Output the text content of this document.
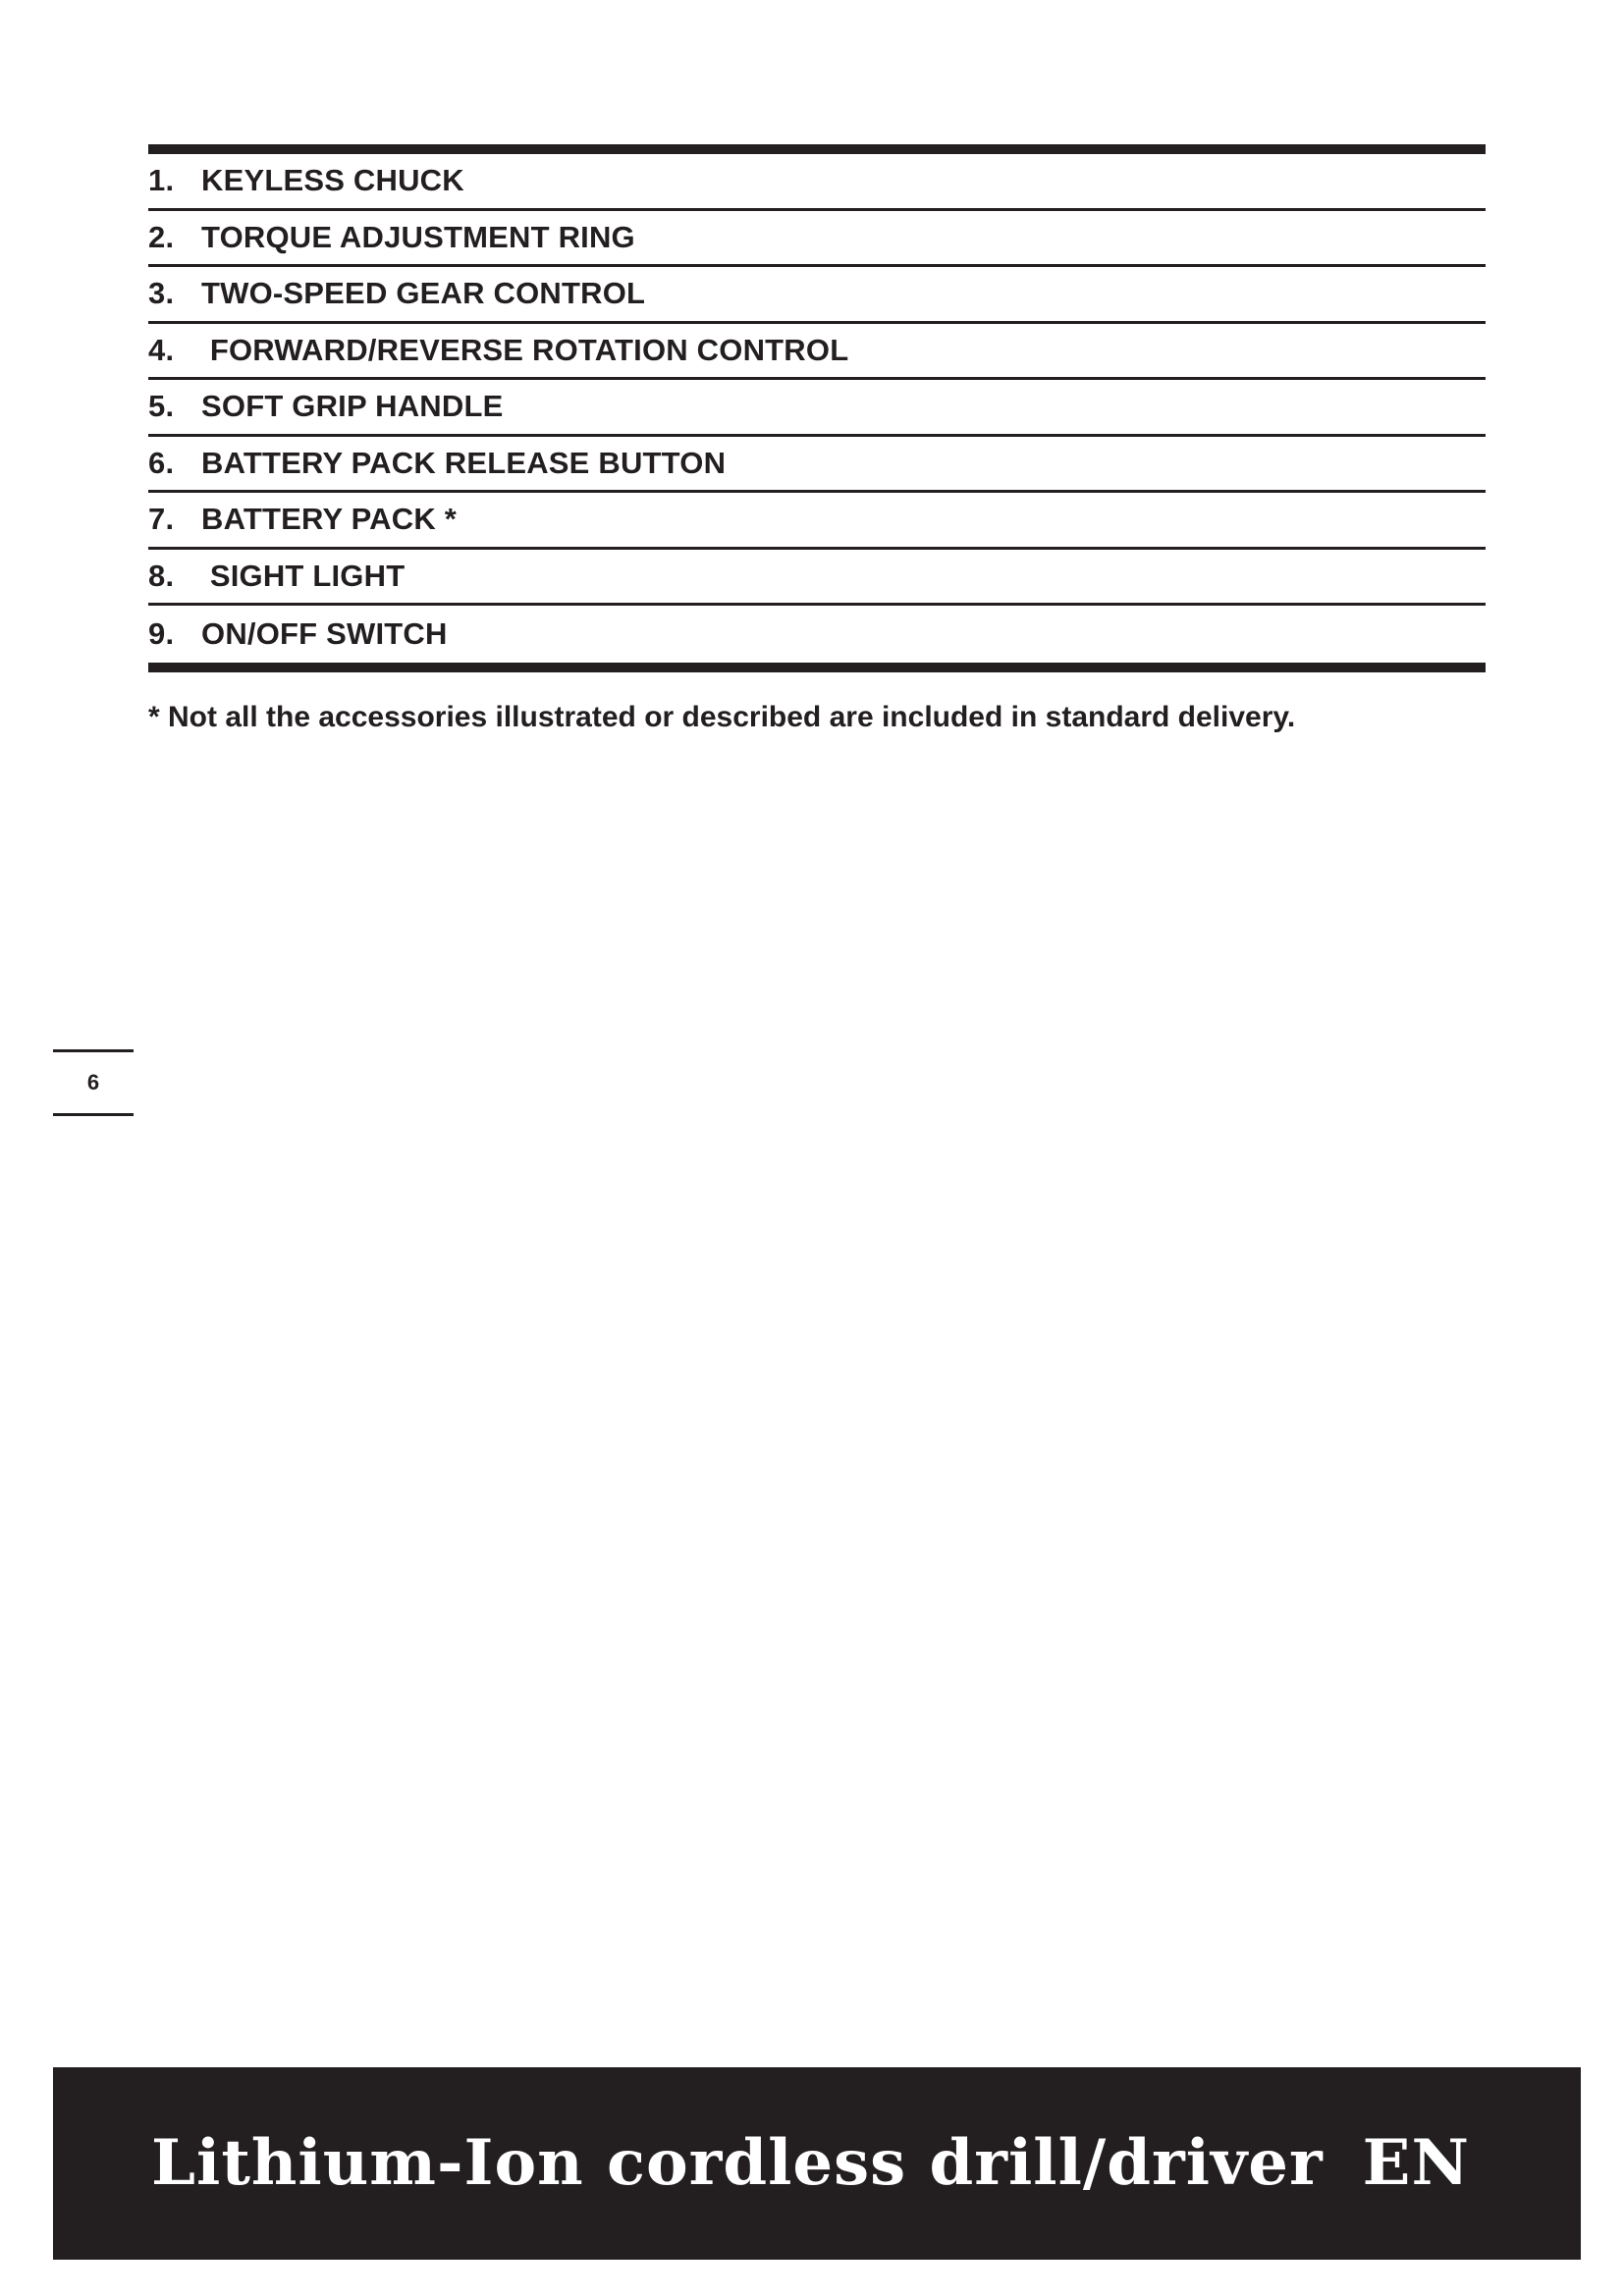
1. KEYLESS CHUCK
2. TORQUE ADJUSTMENT RING
3. TWO-SPEED GEAR CONTROL
4. FORWARD/REVERSE ROTATION CONTROL
5. SOFT GRIP HANDLE
6. BATTERY PACK RELEASE BUTTON
7. BATTERY PACK *
8. SIGHT LIGHT
9. ON/OFF SWITCH
* Not all the accessories illustrated or described are included in standard delivery.
6
Lithium-Ion cordless drill/driver EN
